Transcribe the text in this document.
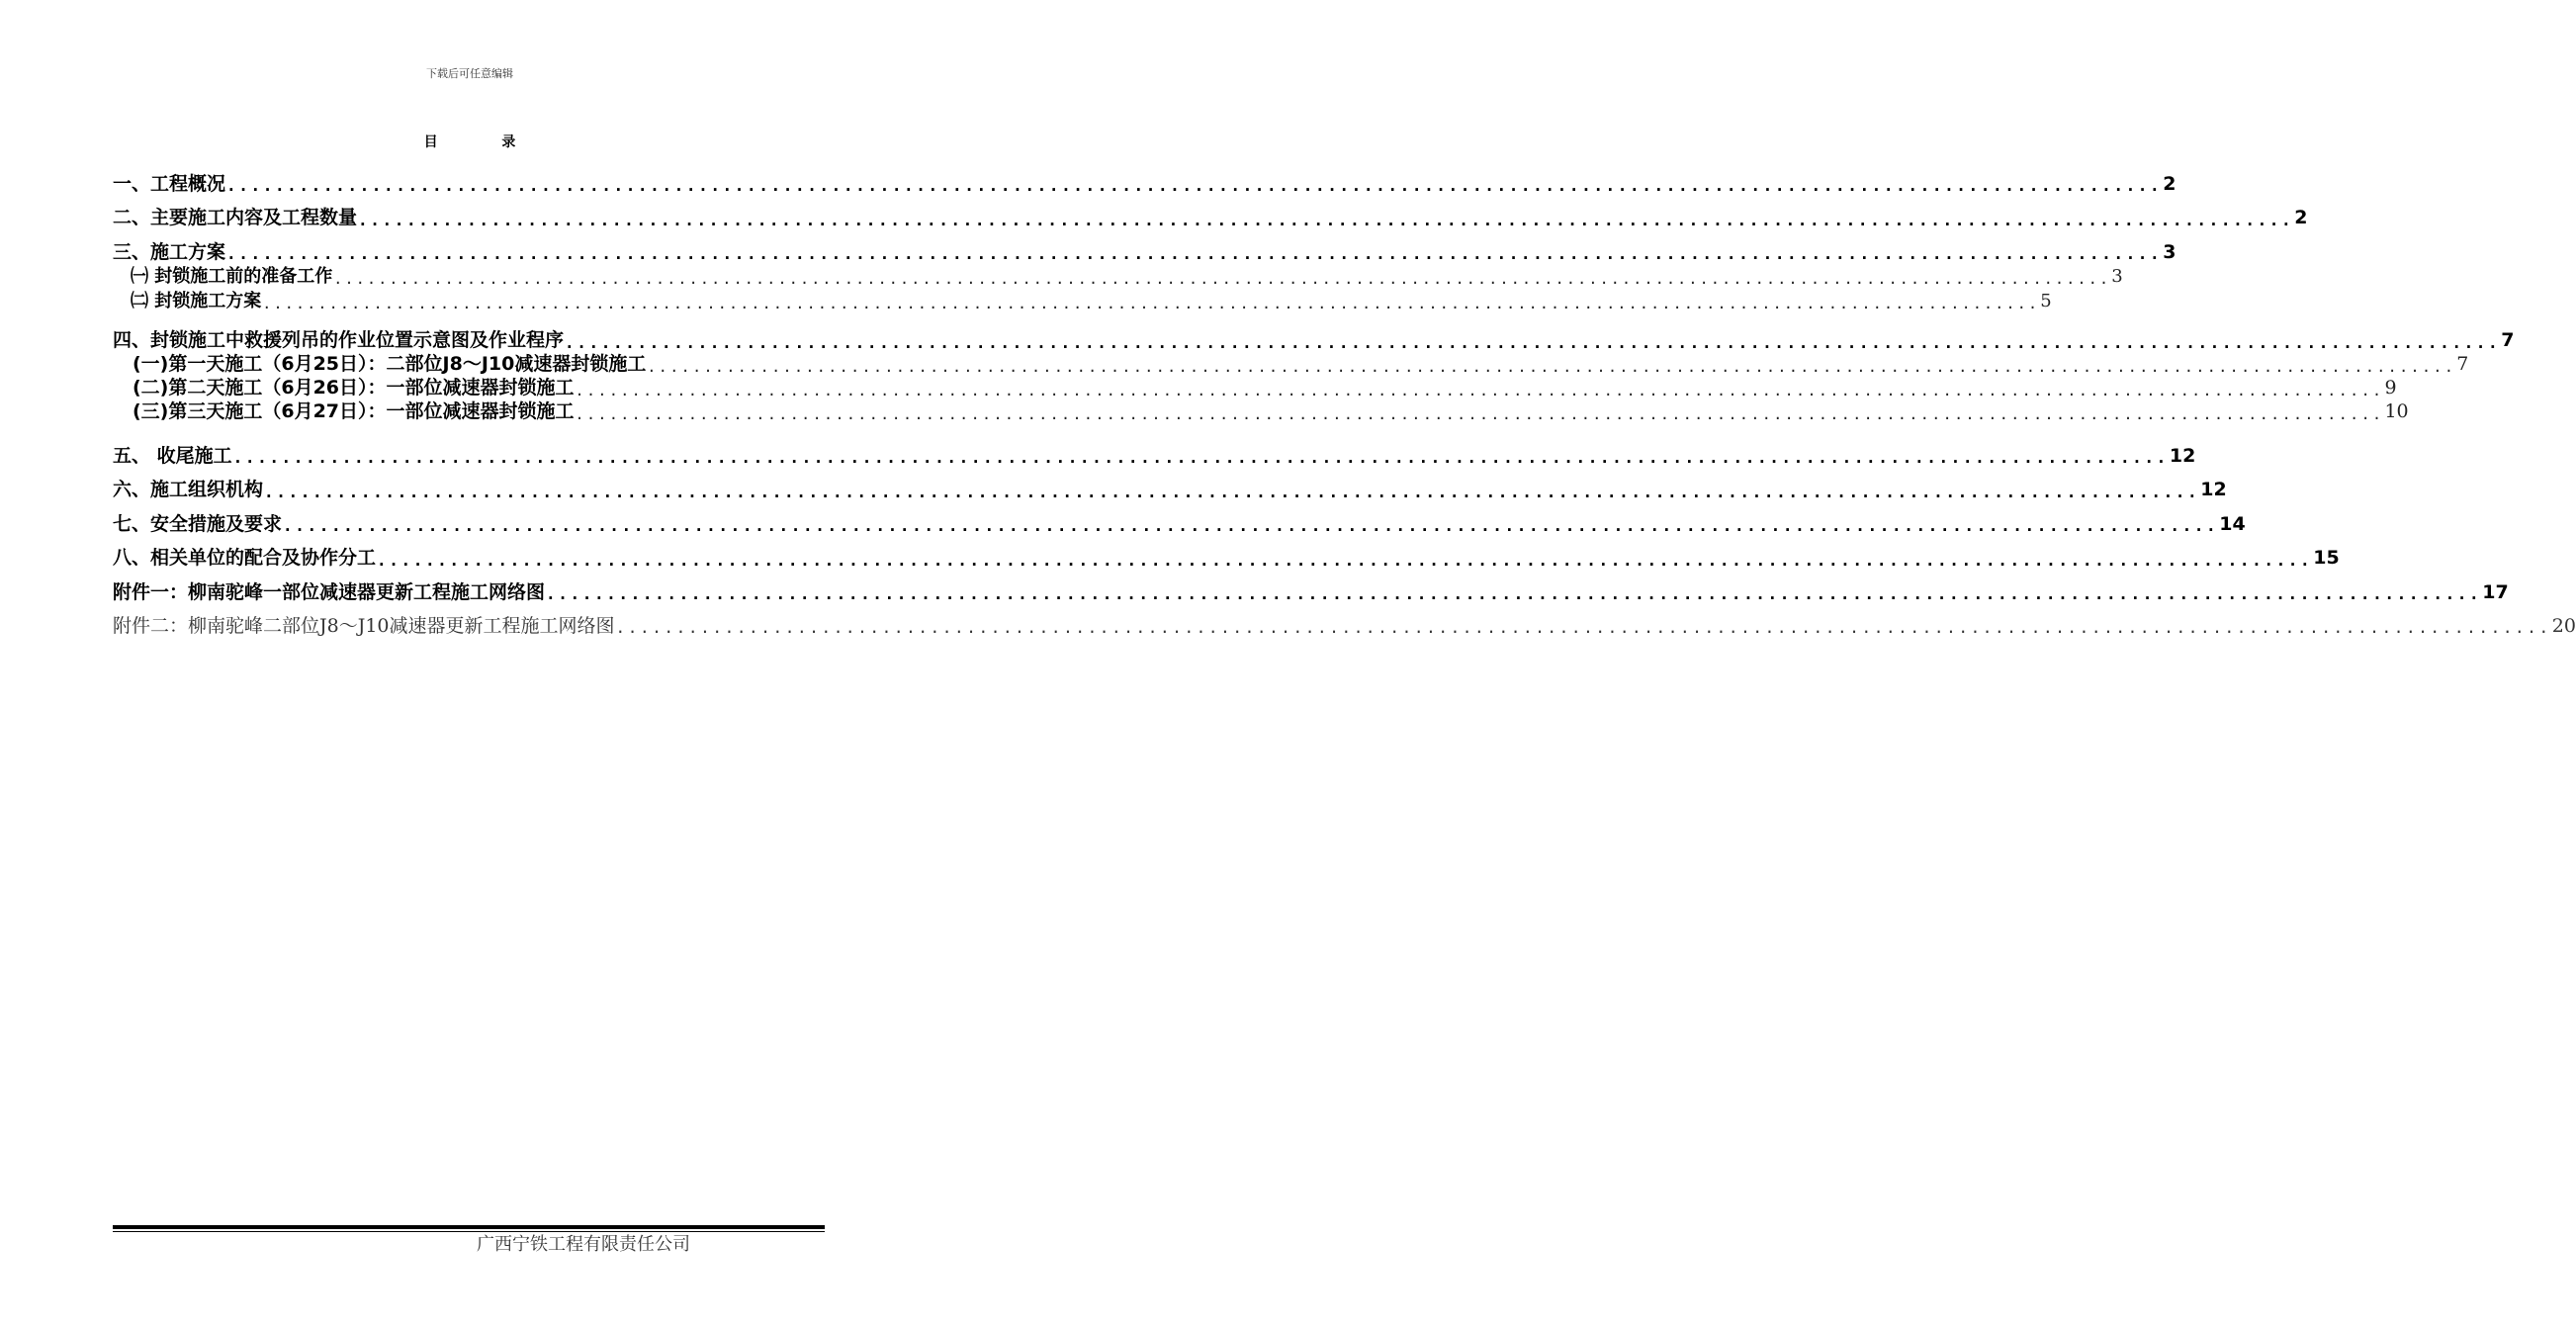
下载后可任意编辑
目 录
一、工程概况 ................................................................................................................................................................ 2
二、主要施工内容及工程数量 ................................................................................................................................................................ 2
三、施工方案 ................................................................................................................................................................ 3
㈠ 封锁施工前的准备工作 ................................................................................................................................................................ 3
㈡ 封锁施工方案 ................................................................................................................................................................ 5
四、封锁施工中救援列吊的作业位置示意图及作业程序 ................................................................................................................................................................ 7
(一)第一天施工（6月25日）：二部位J8～J10减速器封锁施工 ................................................................................................................................................................ 7
(二)第二天施工（6月26日）：一部位减速器封锁施工 ................................................................................................................................................................ 9
(三)第三天施工（6月27日）：一部位减速器封锁施工 ................................................................................................................................................................ 10
五、 收尾施工 ................................................................................................................................................................ 12
六、施工组织机构 ................................................................................................................................................................ 12
七、安全措施及要求 ................................................................................................................................................................ 14
八、相关单位的配合及协作分工 ................................................................................................................................................................ 15
附件一：柳南驼峰一部位减速器更新工程施工网络图 ................................................................................................................................................................ 17
附件二：柳南驼峰二部位J8～J10减速器更新工程施工网络图 ................................................................................................................................................................ 20
广西宁铁工程有限责任公司
